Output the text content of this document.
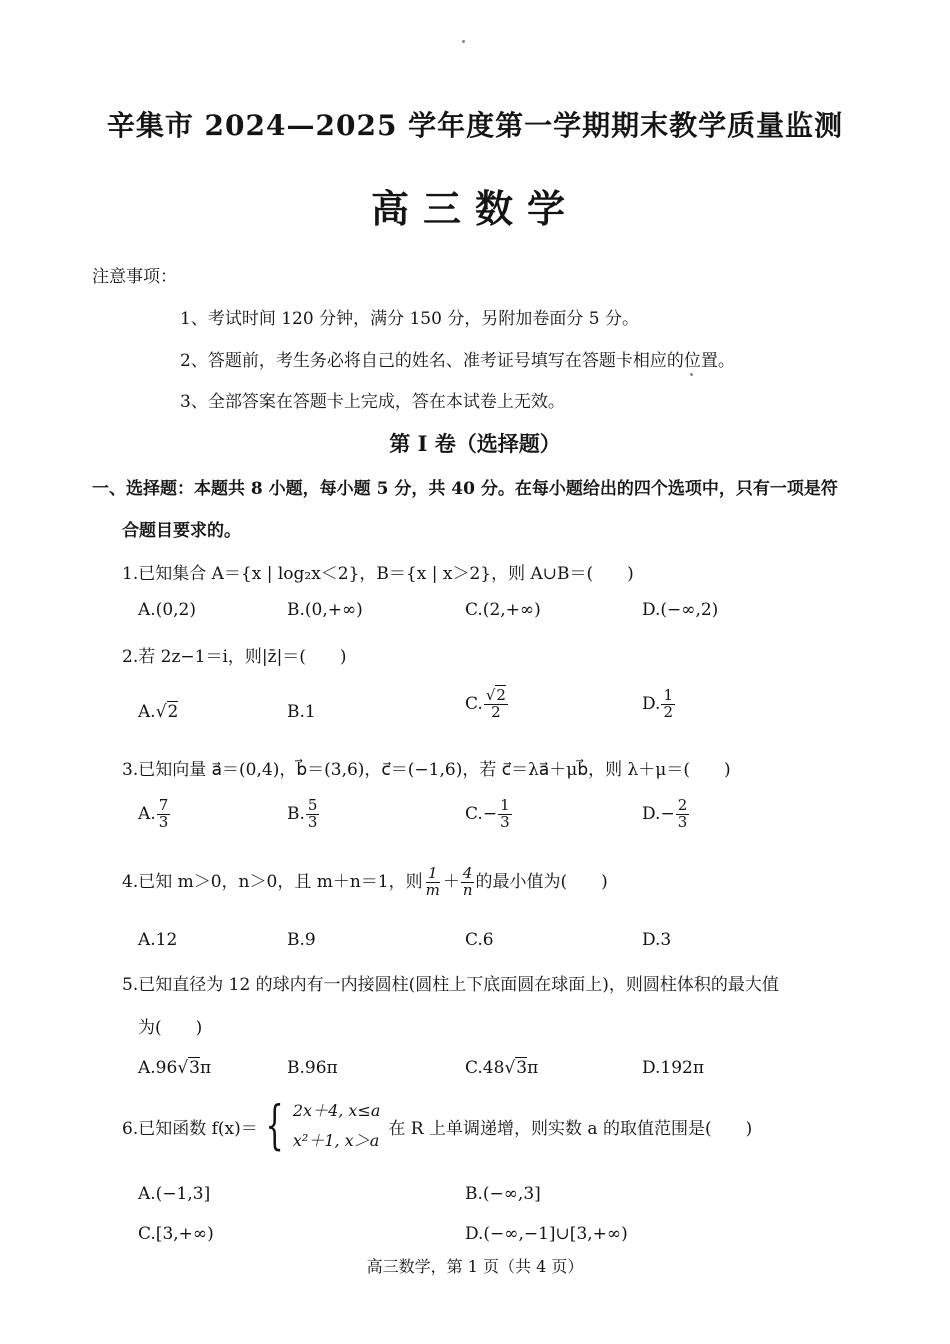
辛集市 2024—2025 学年度第一学期期末教学质量监测
高三数学
注意事项：
1、考试时间 120 分钟，满分 150 分，另附加卷面分 5 分。
2、答题前，考生务必将自己的姓名、准考证号填写在答题卡相应的位置。
3、全部答案在答题卡上完成，答在本试卷上无效。
第 I 卷（选择题）
一、选择题：本题共 8 小题，每小题 5 分，共 40 分。在每小题给出的四个选项中，只有一项是符
合题目要求的。
1.已知集合 A＝{x | log₂x＜2}，B＝{x | x＞2}，则 A∪B＝(　　)
A.(0,2)	B.(0,+∞)	C.(2,+∞)	D.(−∞,2)
2.若 2z−1＝i，则|z̄|＝(　　)
A.√2	B.1	C. $\frac{√2}{2}$	D. $\frac{1}{2}$
3.已知向量 a⃗＝(0,4)，b⃗＝(3,6)，c⃗＝(−1,6)，若 c⃗＝λa⃗＋μb⃗，则 λ＋μ＝(　　)
A. $\frac{7}{3}$	B. $\frac{5}{3}$	$C.- \frac{1}{3}$	$D.- \frac{2}{3}$
4.已知 m＞0，n＞0，且 m＋n＝1，则 $\frac{1}{m} + \frac{4}{n}$ 的最小值为(　　)
A.12	B.9	C.6	D.3
5.已知直径为 12 的球内有一内接圆柱(圆柱上下底面圆在球面上)，则圆柱体积的最大值
为(　　)
A.96√3π	B.96π	C.48√3π	D.192π
6.已知函数 f(x)＝ { 2x＋4, x≤a
x²＋1, x＞a
在 R 上单调递增，则实数 a 的取值范围是(　　)
A.(−1,3]	B.(−∞,3]
C.[3,+∞)	D.(−∞,−1]∪[3,+∞)
高三数学，第 1 页（共 4 页）
